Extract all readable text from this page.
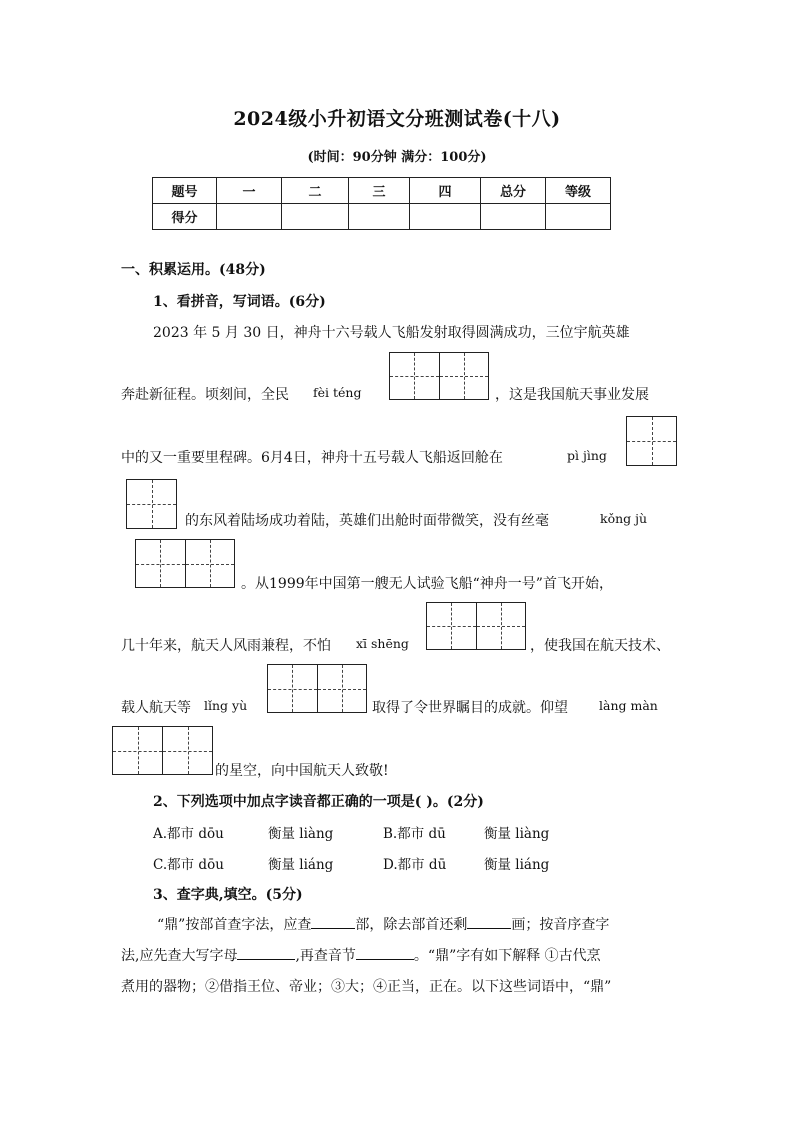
2024级小升初语文分班测试卷(十八)
(时间：90分钟 满分：100分)
题号	一	二	三	四	总分	等级
得分						
一、积累运用。(48分)
1、看拼音，写词语。(6分)
2023 年 5 月 30 日，神舟十六号载人飞船发射取得圆满成功，三位宇航英雄
奔赴新征程。顷刻间，全民 fèi téng	，这是我国航天事业发展
中的又一重要里程碑。6月4日，神舟十五号载人飞船返回舱在	pì jìng
的东风着陆场成功着陆，英雄们出舱时面带微笑，没有丝毫	kǒng jù
。从1999年中国第一艘无人试验飞船“神舟一号”首飞开始，
几十年来，航天人风雨兼程，不怕 xī shēng	，使我国在航天技术、
载人航天等 lǐng yù	取得了令世界瞩目的成就。仰望 làng màn
的星空，向中国航天人致敬!
2、下列选项中加点字读音都正确的一项是( )。(2分)
A.都市 dōu	衡量 liàng	B.都市 dū	衡量 liàng
C.都市 dōu	衡量 liáng	D.都市 dū	衡量 liáng
3、查字典,填空。(5分)
“鼎”按部首查字法，应查	部，除去部首还剩	画；按音序查字
法,应先查大写字母	,再查音节	。“鼎”字有如下解释 ①古代烹
煮用的器物；②借指王位、帝业；③大；④正当，正在。以下这些词语中，“鼎”
